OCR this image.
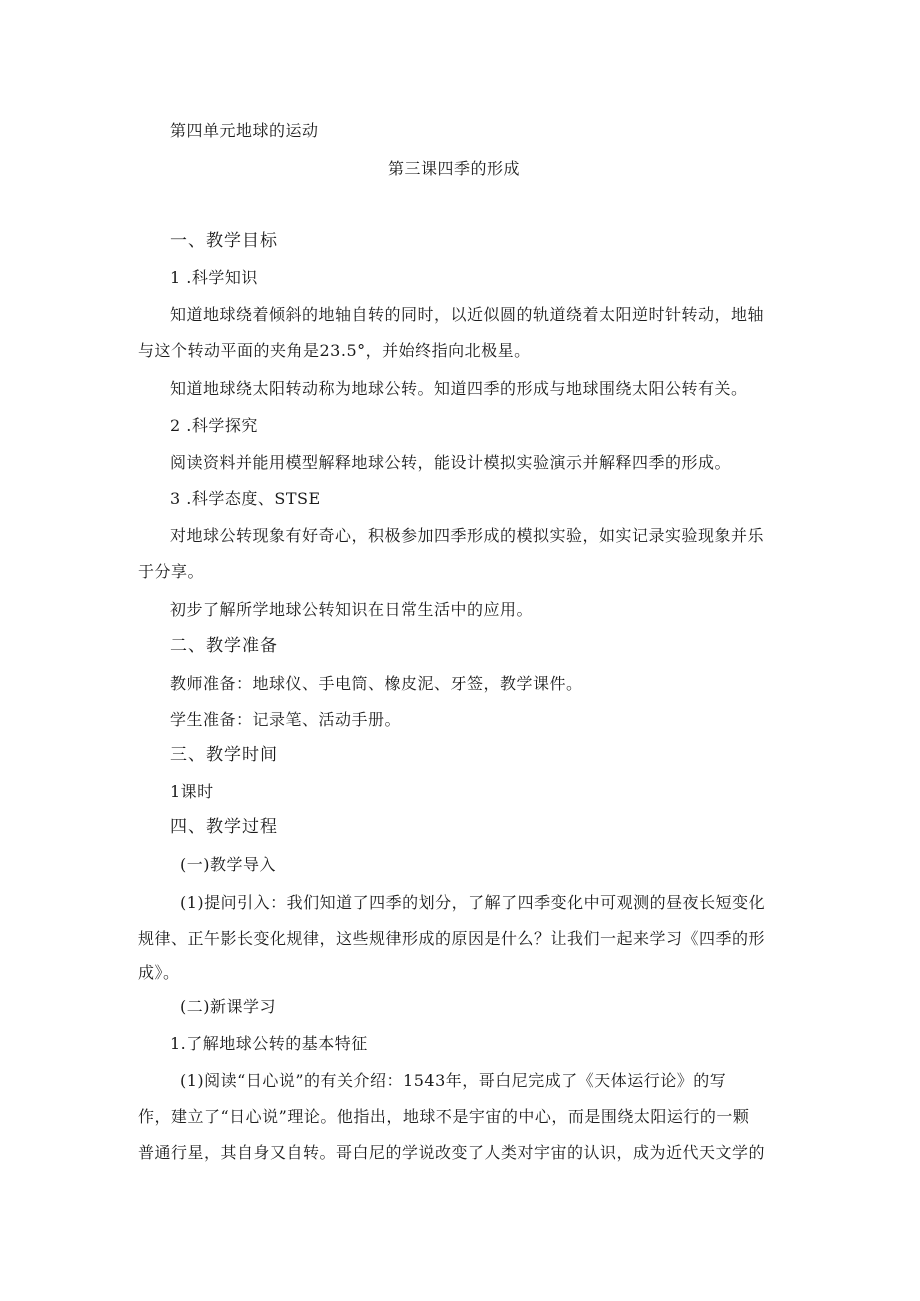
第四单元地球的运动
第三课四季的形成
一、教学目标
1 .科学知识
知道地球绕着倾斜的地轴自转的同时，以近似圆的轨道绕着太阳逆时针转动，地轴
与这个转动平面的夹角是23.5°，并始终指向北极星。
知道地球绕太阳转动称为地球公转。知道四季的形成与地球围绕太阳公转有关。
2 .科学探究
阅读资料并能用模型解释地球公转，能设计模拟实验演示并解释四季的形成。
3 .科学态度、STSE
对地球公转现象有好奇心，积极参加四季形成的模拟实验，如实记录实验现象并乐
于分享。
初步了解所学地球公转知识在日常生活中的应用。
二、教学准备
教师准备：地球仪、手电筒、橡皮泥、牙签，教学课件。
学生准备：记录笔、活动手册。
三、教学时间
1课时
四、教学过程
(一)教学导入
(1)提问引入：我们知道了四季的划分，了解了四季变化中可观测的昼夜长短变化
规律、正午影长变化规律，这些规律形成的原因是什么？让我们一起来学习《四季的形
成》。
(二)新课学习
1.了解地球公转的基本特征
(1)阅读“日心说”的有关介绍：1543年，哥白尼完成了《天体运行论》的写
作，建立了“日心说”理论。他指出，地球不是宇宙的中心，而是围绕太阳运行的一颗
普通行星，其自身又自转。哥白尼的学说改变了人类对宇宙的认识，成为近代天文学的
